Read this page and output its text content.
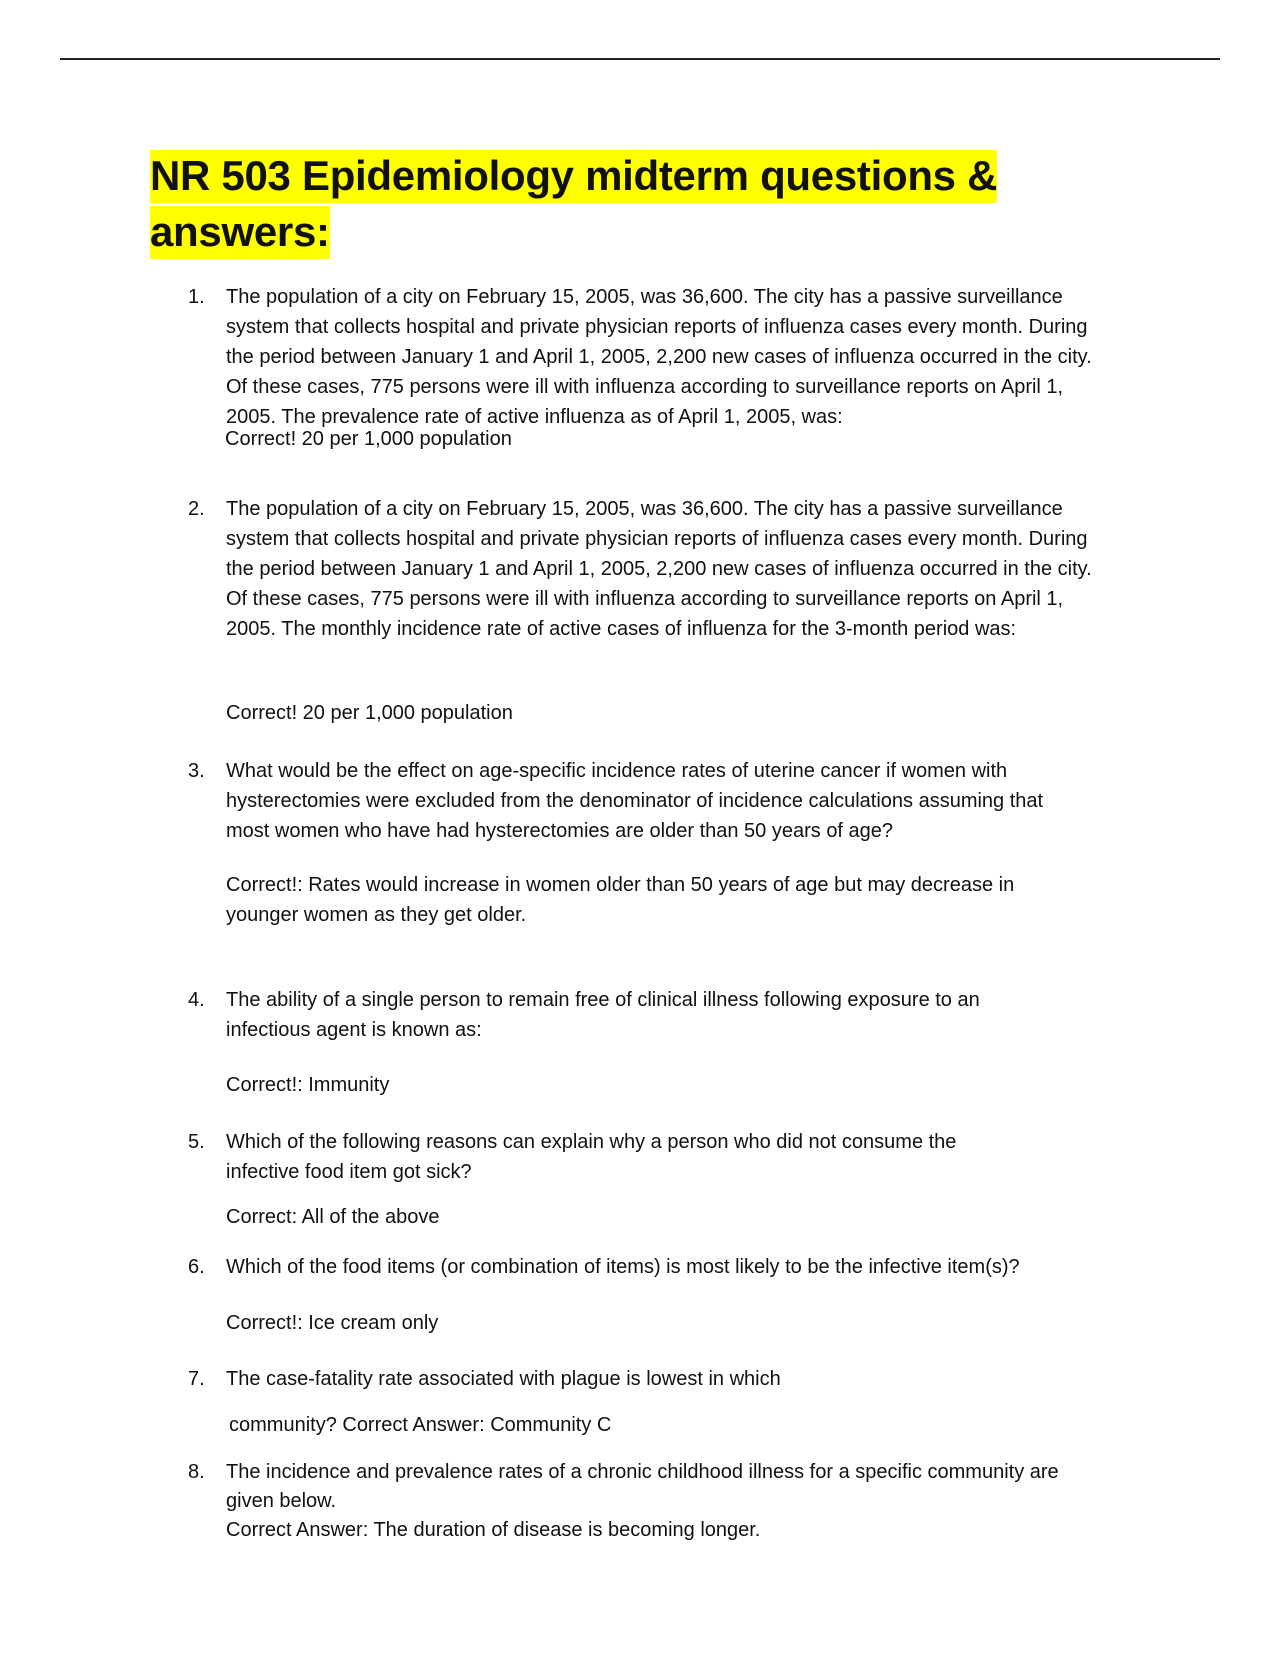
NR 503 Epidemiology midterm questions & answers:
1.	The population of a city on February 15, 2005, was 36,600. The city has a passive surveillance system that collects hospital and private physician reports of influenza cases every month. During the period between January 1 and April 1, 2005, 2,200 new cases of influenza occurred in the city. Of these cases, 775 persons were ill with influenza according to surveillance reports on April 1, 2005. The prevalence rate of active influenza as of April 1, 2005, was:
Correct! 20 per 1,000 population
2.	The population of a city on February 15, 2005, was 36,600. The city has a passive surveillance system that collects hospital and private physician reports of influenza cases every month. During the period between January 1 and April 1, 2005, 2,200 new cases of influenza occurred in the city. Of these cases, 775 persons were ill with influenza according to surveillance reports on April 1, 2005. The monthly incidence rate of active cases of influenza for the 3-month period was:
Correct! 20 per 1,000 population
3.	What would be the effect on age-specific incidence rates of uterine cancer if women with hysterectomies were excluded from the denominator of incidence calculations assuming that most women who have had hysterectomies are older than 50 years of age?
Correct!: Rates would increase in women older than 50 years of age but may decrease in younger women as they get older.
4.	The ability of a single person to remain free of clinical illness following exposure to an infectious agent is known as:
Correct!: Immunity
5.	Which of the following reasons can explain why a person who did not consume the infective food item got sick?
Correct: All of the above
6.	Which of the food items (or combination of items) is most likely to be the infective item(s)?
Correct!: Ice cream only
7.	The case-fatality rate associated with plague is lowest in which
community? Correct Answer: Community C
8.	The incidence and prevalence rates of a chronic childhood illness for a specific community are given below.
Correct Answer: The duration of disease is becoming longer.
